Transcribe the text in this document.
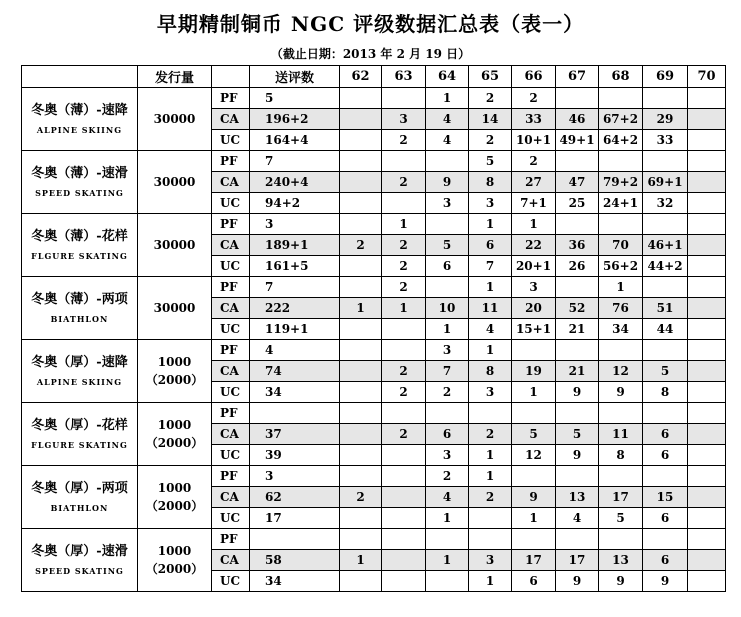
早期精制铜币 NGC 评级数据汇总表（表一）
（截止日期：2013 年 2 月 19 日）
	发行量		送评数	62	63	64	65	66	67	68	69	70

冬奥（薄）-速降
ALPINE SKIING	30000	PF	5			1	2	2				
		CA	196+2		3	4	14	33	46	67+2	29	
		UC	164+4		2	4	2	10+1	49+1	64+2	33	

冬奥（薄）-速滑
SPEED SKATING	30000	PF	7				5	2				
		CA	240+4		2	9	8	27	47	79+2	69+1	
		UC	94+2			3	3	7+1	25	24+1	32	

冬奥（薄）-花样
FLGURE SKATING	30000	PF	3		1		1	1				
		CA	189+1	2	2	5	6	22	36	70	46+1	
		UC	161+5		2	6	7	20+1	26	56+2	44+2	

冬奥（薄）-两项
BIATHLON	30000	PF	7		2		1	3		1		
		CA	222	1	1	10	11	20	52	76	51	
		UC	119+1			1	4	15+1	21	34	44	

冬奥（厚）-速降
ALPINE SKIING	1000
（2000）	PF	4			3	1					
		CA	74		2	7	8	19	21	12	5	
		UC	34		2	2	3	1	9	9	8	

冬奥（厚）-花样
FLGURE SKATING	1000
（2000）	PF										
		CA	37		2	6	2	5	5	11	6	
		UC	39			3	1	12	9	8	6	

冬奥（厚）-两项
BIATHLON	1000
（2000）	PF	3			2	1					
		CA	62	2		4	2	9	13	17	15	
		UC	17			1		1	4	5	6	

冬奥（厚）-速滑
SPEED SKATING	1000
（2000）	PF										
		CA	58	1		1	3	17	17	13	6	
		UC	34				1	6	9	9	9	
